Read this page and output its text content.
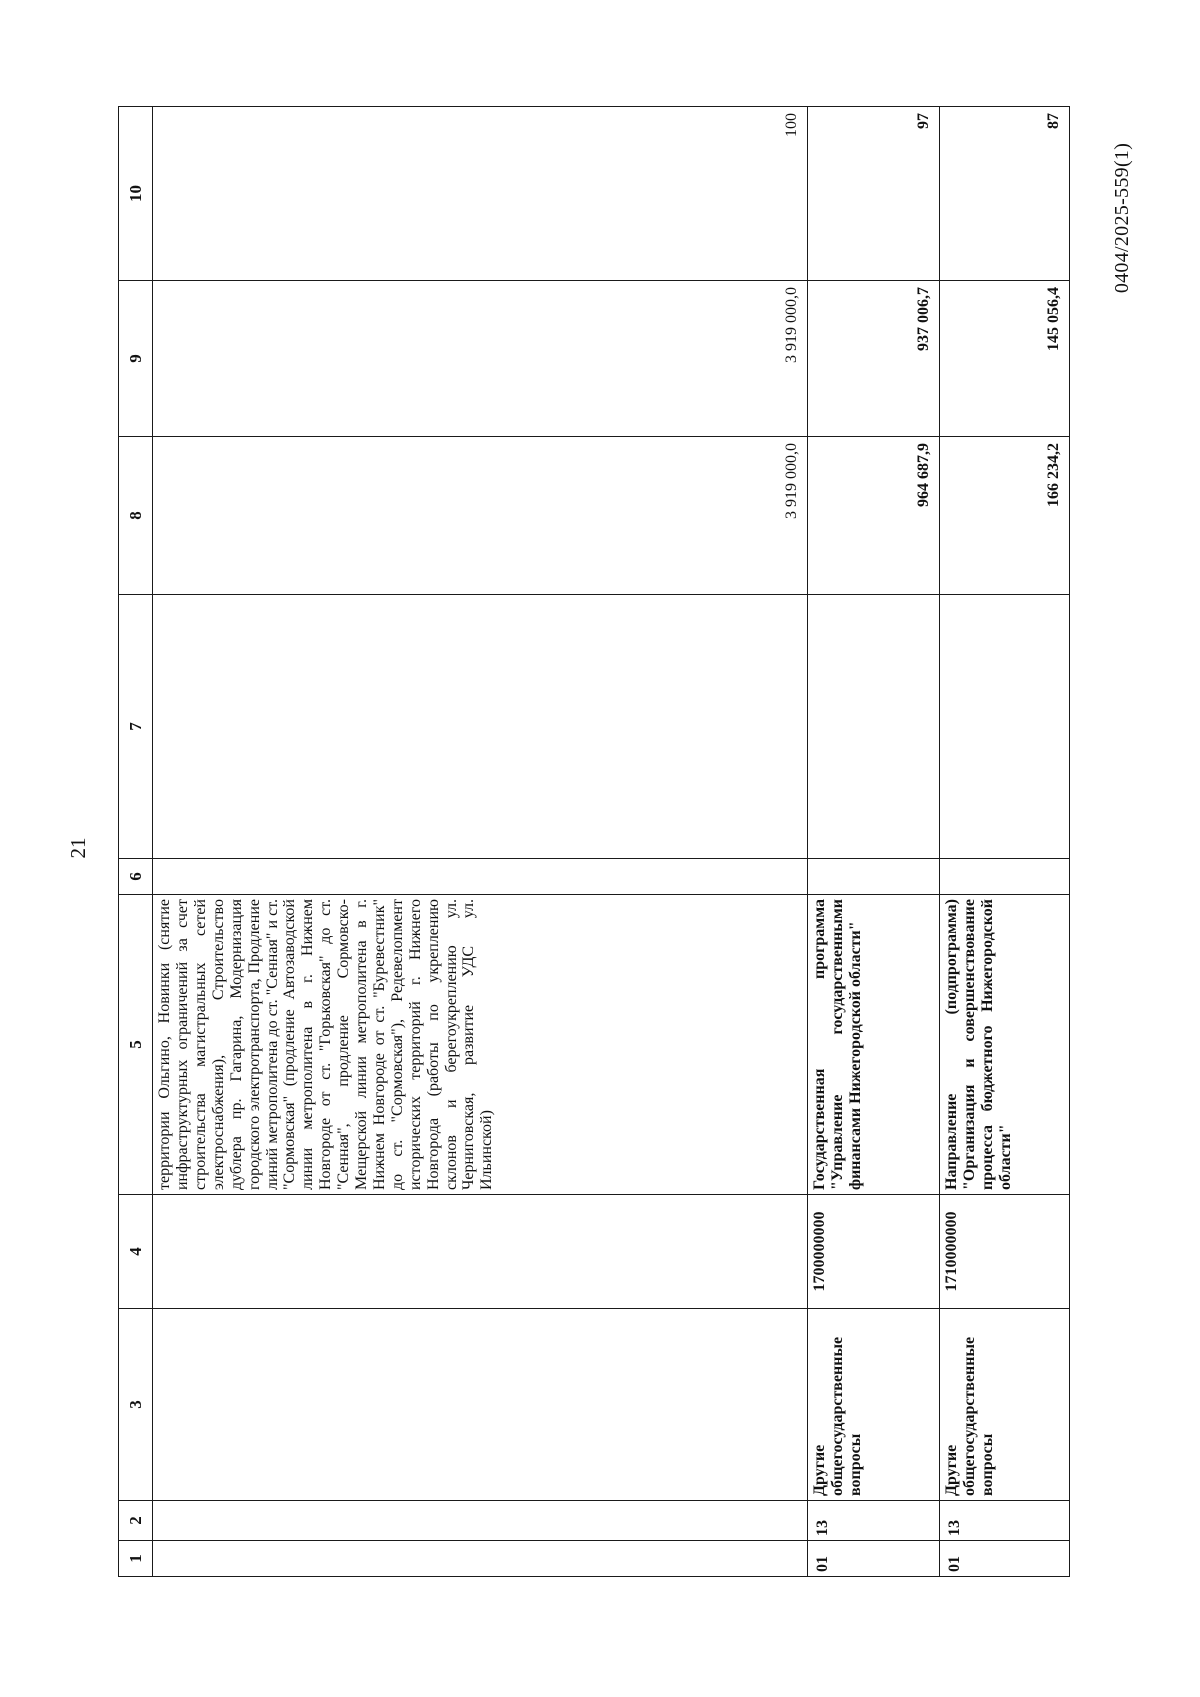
21
0404/2025-559(1)
1	2	3	4	5	6	7	8	9	10
				территории Ольгино, Новинки (снятие инфраструктурных ограничений за счет строительства магистральных сетей электроснабжения), Строительство дублера пр. Гагарина, Модернизация городского электротранспорта, Продление линий метрополитена до ст. "Сенная" и ст. "Сормовская" (продление Автозаводской линии метрополитена в г. Нижнем Новгороде от ст. "Горьковская" до ст. "Сенная", продление Сормовско-Мещерской линии метрополитена в г. Нижнем Новгороде от ст. "Буревестник" до ст. "Сормовская"), Редевелопмент исторических территорий г. Нижнего Новгорода (работы по укреплению склонов и берегоукреплению ул. Черниговская, развитие УДС ул. Ильинской)			3 919 000,0	3 919 000,0	100
01	13	Другие общегосударственные вопросы	1700000000	Государственная программа "Управление государственными финансами Нижегородской области"			964 687,9	937 006,7	97
01	13	Другие общегосударственные вопросы	1710000000	Направление (подпрограмма) "Организация и совершенствование процесса бюджетного Нижегородской области"			166 234,2	145 056,4	87
